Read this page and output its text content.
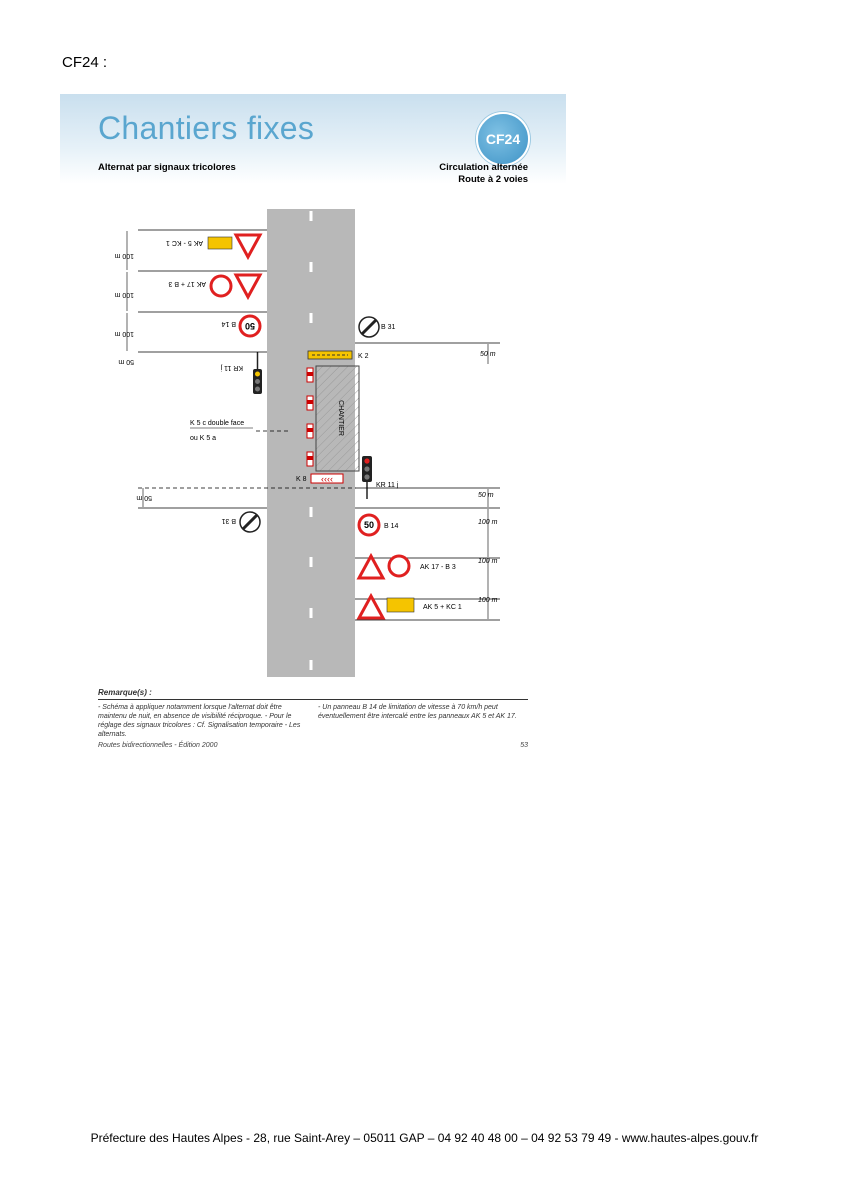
CF24 :
Chantiers fixes	CF24
Alternat par signaux tricolores	Circulation alternée
Route à 2 voies
CHANTIER
‹‹‹‹
K 8
KR 11 j
KR 11 j
K 5 c double face
ou K 5 a
100 m
100 m
100 m
50 m
50 m
AK 5 - KC 1
AK 17 + B 3
50
B 14
B 31
50 m
50 m
100 m
100 m
100 m
B 31
K 2
50 B 14
AK 17 - B 3
AK 5 + KC 1
Remarque(s) :
- Schéma à appliquer notamment lorsque l'alternat doit être maintenu de nuit, en absence de visibilité réciproque. - Pour le réglage des signaux tricolores : Cf. Signalisation temporaire - Les alternats.
- Un panneau B 14 de limitation de vitesse à 70 km/h peut éventuellement être intercalé entre les panneaux AK 5 et AK 17.
Routes bidirectionnelles - Édition 2000	53
Préfecture des Hautes Alpes - 28, rue Saint-Arey – 05011 GAP – 04 92 40 48 00 – 04 92 53 79 49 - www.hautes-alpes.gouv.fr
